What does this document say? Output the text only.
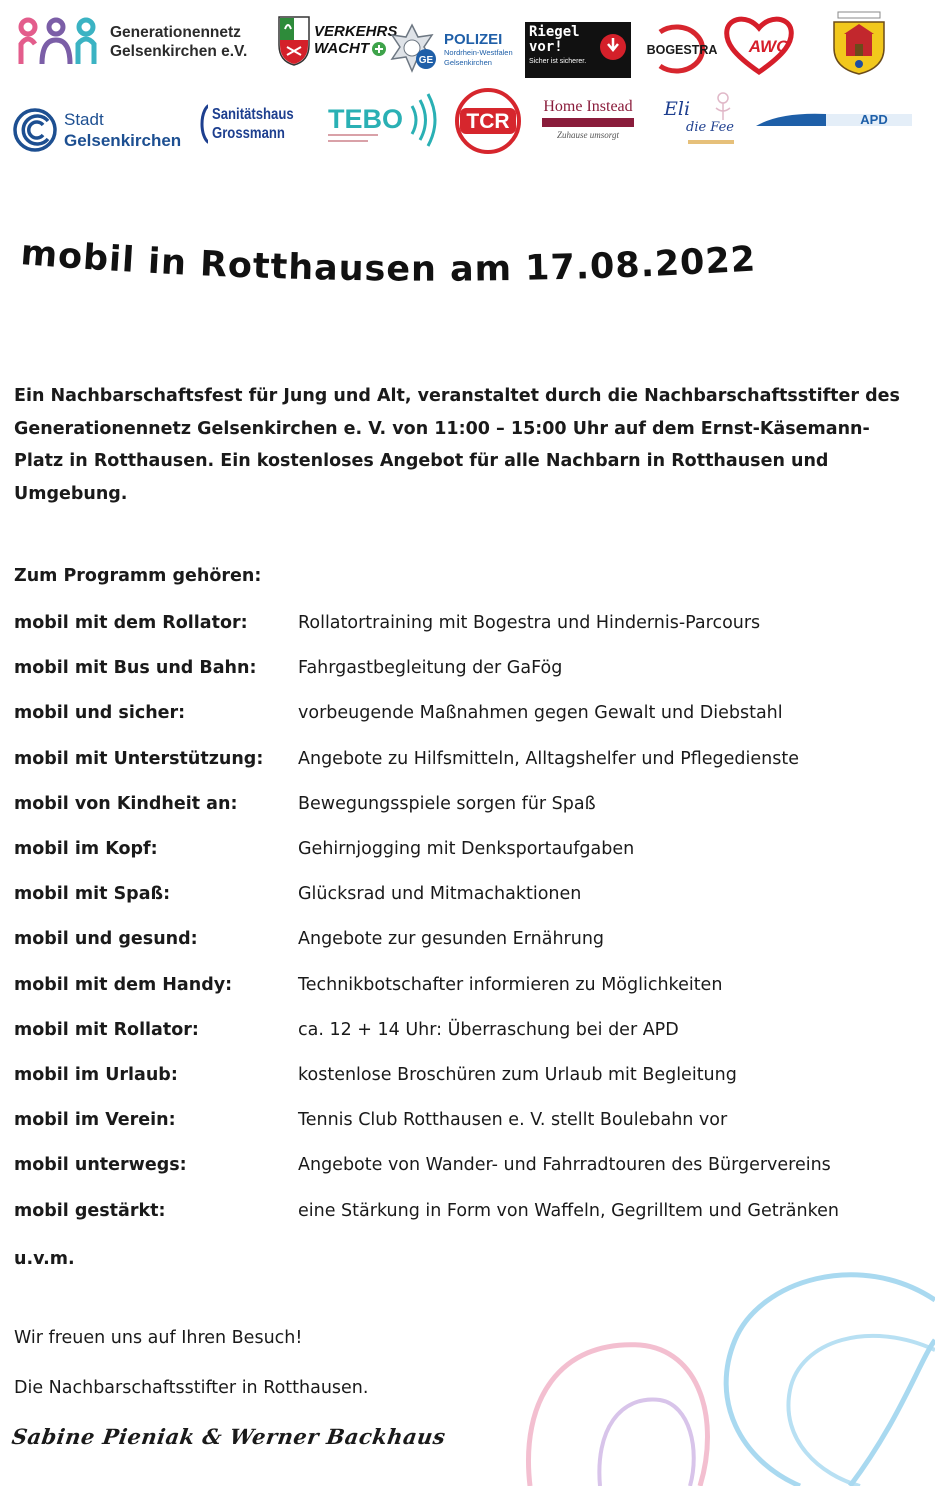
Generationennetz
Gelsenkirchen e.V.
VERKEHRS
WACHT
GE
POLIZEI
Nordrhein-Westfalen
Gelsenkirchen
Riegel
vor!
Sicher ist sicherer.
BOGESTRA AWO
Stadt
Gelsenkirchen
Sanitätshaus
Grossmann	TEBO	TCR
Home Instead
Zuhause umsorgt
Eli
die Fee
APD
mobil in Rotthausen am 17.08.2022
Ein Nachbarschaftsfest für Jung und Alt, veranstaltet durch die Nachbarschaftsstifter des
Generationennetz Gelsenkirchen e. V. von 11:00 – 15:00 Uhr auf dem Ernst-Käsemann-
Platz in Rotthausen. Ein kostenloses Angebot für alle Nachbarn in Rotthausen und
Umgebung.
Zum Programm gehören:
mobil mit dem Rollator:	Rollatortraining mit Bogestra und Hindernis-Parcours
mobil mit Bus und Bahn: Fahrgastbegleitung der GaFög
mobil und sicher:	vorbeugende Maßnahmen gegen Gewalt und Diebstahl
mobil mit Unterstützung: Angebote zu Hilfsmitteln, Alltagshelfer und Pflegedienste
mobil von Kindheit an:	Bewegungsspiele sorgen für Spaß
mobil im Kopf:	Gehirnjogging mit Denksportaufgaben
mobil mit Spaß:	Glücksrad und Mitmachaktionen
mobil und gesund:	Angebote zur gesunden Ernährung
mobil mit dem Handy:	Technikbotschafter informieren zu Möglichkeiten
mobil mit Rollator:	ca. 12 + 14 Uhr: Überraschung bei der APD
mobil im Urlaub:	kostenlose Broschüren zum Urlaub mit Begleitung
mobil im Verein:	Tennis Club Rotthausen e. V. stellt Boulebahn vor
mobil unterwegs:	Angebote von Wander- und Fahrradtouren des Bürgervereins
mobil gestärkt:	eine Stärkung in Form von Waffeln, Gegrilltem und Getränken
u.v.m.
Wir freuen uns auf Ihren Besuch!
Die Nachbarschaftsstifter in Rotthausen.
Sabine Pieniak & Werner Backhaus
